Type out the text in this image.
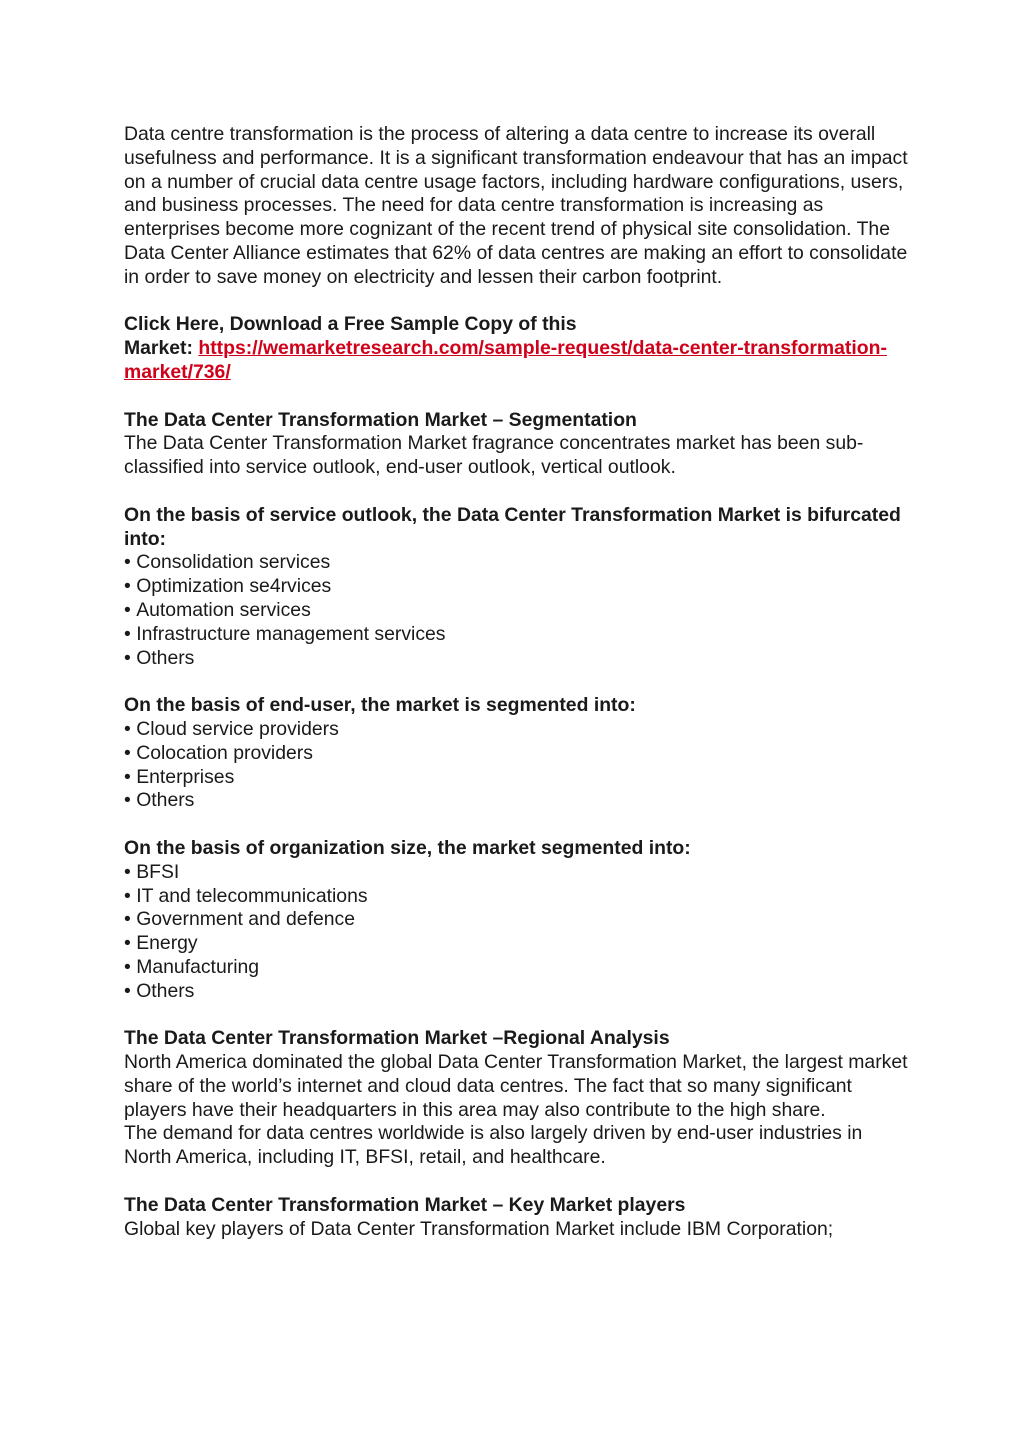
Data centre transformation is the process of altering a data centre to increase its overall usefulness and performance. It is a significant transformation endeavour that has an impact on a number of crucial data centre usage factors, including hardware configurations, users, and business processes. The need for data centre transformation is increasing as enterprises become more cognizant of the recent trend of physical site consolidation. The Data Center Alliance estimates that 62% of data centres are making an effort to consolidate in order to save money on electricity and lessen their carbon footprint.

Click Here, Download a Free Sample Copy of this

Market: https://wemarketresearch.com/sample-request/data-center-transformation-market/736/

The Data Center Transformation Market – Segmentation

The Data Center Transformation Market fragrance concentrates market has been sub-classified into service outlook, end-user outlook, vertical outlook.

On the basis of service outlook, the Data Center Transformation Market is bifurcated into:

• Consolidation services
• Optimization se4rvices
• Automation services
• Infrastructure management services
• Others

On the basis of end-user, the market is segmented into:

• Cloud service providers
• Colocation providers
• Enterprises
• Others

On the basis of organization size, the market segmented into:

• BFSI
• IT and telecommunications
• Government and defence
• Energy
• Manufacturing
• Others

The Data Center Transformation Market –Regional Analysis

North America dominated the global Data Center Transformation Market, the largest market share of the world’s internet and cloud data centres. The fact that so many significant players have their headquarters in this area may also contribute to the high share.

The demand for data centres worldwide is also largely driven by end-user industries in North America, including IT, BFSI, retail, and healthcare.

The Data Center Transformation Market – Key Market players

Global key players of Data Center Transformation Market include IBM Corporation;
